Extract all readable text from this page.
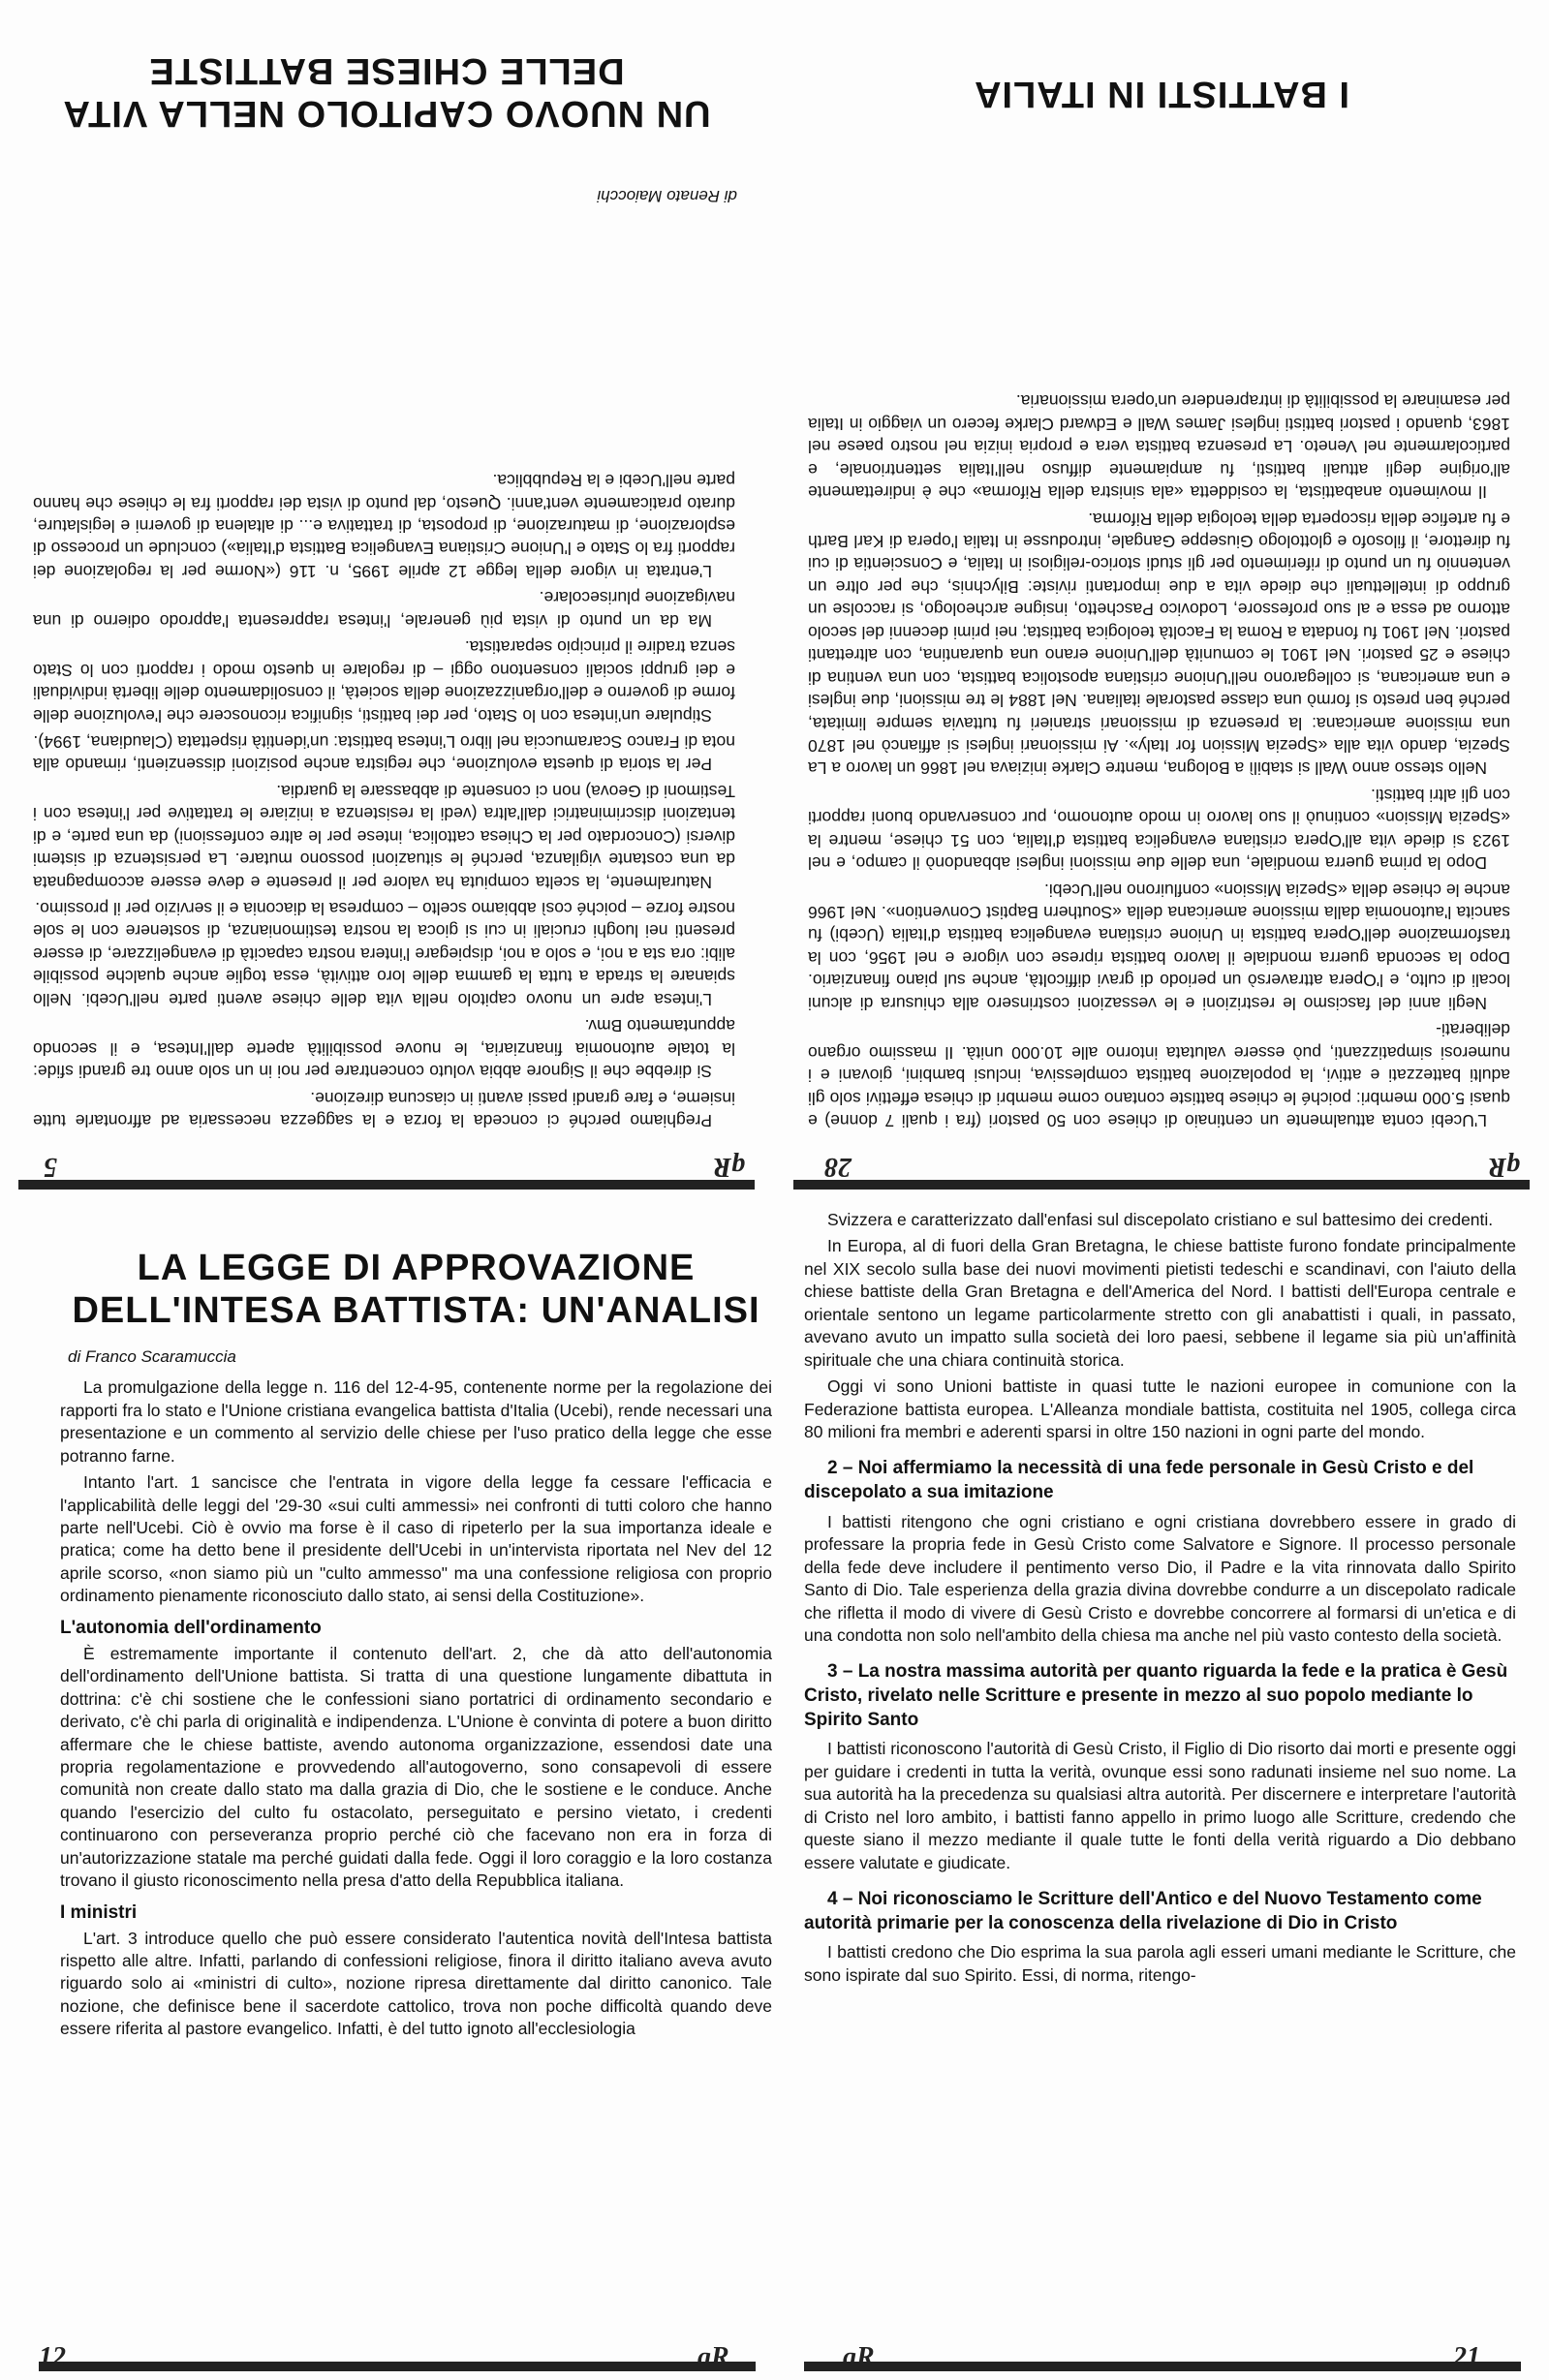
qR
28

L'Ucebi conta attualmente un centinaio di chiese con 50 pastori (fra i quali 7 donne) e quasi 5.000 membri: poiché le chiese battiste contano come membri di chiesa effettivi solo gli adulti battezzati e attivi, la popolazione battista complessiva, inclusi bambini, giovani e i numerosi simpatizzanti, può essere valutata intorno alle 10.000 unità. Il massimo organo deliberati-

Negli anni del fascismo le restrizioni e le vessazioni costrinsero alla chiusura di alcuni locali di culto, e l'Opera attraversò un periodo di gravi difficoltà, anche sul piano finanziario. Dopo la seconda guerra mondiale il lavoro battista riprese con vigore e nel 1956, con la trasformazione dell'Opera battista in Unione cristiana evangelica battista d'Italia (Ucebi) fu sancita l'autonomia dalla missione americana della «Southern Baptist Convention». Nel 1966 anche le chiese della «Spezia Mission» confluirono nell'Ucebi.

Dopo la prima guerra mondiale, una delle due missioni inglesi abbandonò il campo, e nel 1923 si diede vita all'Opera cristiana evangelica battista d'Italia, con 51 chiese, mentre la «Spezia Mission» continuò il suo lavoro in modo autonomo, pur conservando buoni rapporti con gli altri battisti.

Nello stesso anno Wall si stabilì a Bologna, mentre Clarke iniziava nel 1866 un lavoro a La Spezia, dando vita alla «Spezia Mission for Italy». Ai missionari inglesi si affiancò nel 1870 una missione americana: la presenza di missionari stranieri fu tuttavia sempre limitata, perché ben presto si formò una classe pastorale italiana. Nel 1884 le tre missioni, due inglesi e una americana, si collegarono nell'Unione cristiana apostolica battista, con una ventina di chiese e 25 pastori. Nel 1901 le comunità dell'Unione erano una quarantina, con altrettanti pastori. Nel 1901 fu fondata a Roma la Facoltà teologica battista; nei primi decenni del secolo attorno ad essa e al suo professore, Lodovico Paschetto, insigne archeologo, si raccolse un gruppo di intellettuali che diede vita a due importanti riviste: Bilychnis, che per oltre un ventennio fu un punto di riferimento per gli studi storico-religiosi in Italia, e Conscientia di cui fu direttore, il filosofo e glottologo Giuseppe Gangale, introdusse in Italia l'opera di Karl Barth e fu artefice della riscoperta della teologia della Riforma.

Il movimento anabattista, la cosiddetta «ala sinistra della Riforma» che è indirettamente all'origine degli attuali battisti, fu ampiamente diffuso nell'Italia settentrionale, e particolarmente nel Veneto. La presenza battista vera e propria inizia nel nostro paese nel 1863, quando i pastori battisti inglesi James Wall e Edward Clarke fecero un viaggio in Italia per esaminare la possibilità di intraprendere un'opera missionaria.

I BATTISTI IN ITALIA
qR
5

Preghiamo perché ci conceda la forza e la saggezza necessaria ad affrontarle tutte insieme, e fare grandi passi avanti in ciascuna direzione.

Si direbbe che il Signore abbia voluto concentrare per noi in un solo anno tre grandi sfide: la totale autonomia finanziaria, le nuove possibilità aperte dall'Intesa, e il secondo appuntamento Bmv.

L'intesa apre un nuovo capitolo nella vita delle chiese aventi parte nell'Ucebi. Nello spianare la strada a tutta la gamma delle loro attività, essa toglie anche qualche possibile alibi: ora sta a noi, e solo a noi, dispiegare l'intera nostra capacità di evangelizzare, di essere presenti nei luoghi cruciali in cui si gioca la nostra testimonianza, di sostenere con le sole nostre forze – poiché così abbiamo scelto – compresa la diaconia e il servizio per il prossimo.

Naturalmente, la scelta compiuta ha valore per il presente e deve essere accompagnata da una costante vigilanza, perché le situazioni possono mutare. La persistenza di sistemi diversi (Concordato per la Chiesa cattolica, intese per le altre confessioni) da una parte, e di tentazioni discriminatrici dall'altra (vedi la resistenza a iniziare le trattative per l'intesa con i Testimoni di Geova) non ci consente di abbassare la guardia.

Per la storia di questa evoluzione, che registra anche posizioni dissenzienti, rimando alla nota di Franco Scaramuccia nel libro L'intesa battista: un'identità rispettata (Claudiana, 1994).

Stipulare un'intesa con lo Stato, per dei battisti, significa riconoscere che l'evoluzione delle forme di governo e dell'organizzazione della società, il consolidamento delle libertà individuali e dei gruppi sociali consentono oggi – di regolare in questo modo i rapporti con lo Stato senza tradire il principio separatista.

Ma da un punto di vista più generale, l'intesa rappresenta l'approdo odierno di una navigazione plurisecolare.

L'entrata in vigore della legge 12 aprile 1995, n. 116 («Norme per la regolazione dei rapporti fra lo Stato e l'Unione Cristiana Evangelica Battista d'Italia») conclude un processo di esplorazione, di maturazione, di proposta, di trattativa e... di altalena di governi e legislature, durato praticamente vent'anni. Questo, dal punto di vista dei rapporti fra le chiese che hanno parte nell'Ucebi e la Repubblica.

di Renato Maiocchi
UN NUOVO CAPITOLO NELLA VITA DELLE CHIESE BATTISTE
LA LEGGE DI APPROVAZIONE DELL'INTESA BATTISTA: UN'ANALISI
di Franco Scaramuccia

La promulgazione della legge n. 116 del 12-4-95, contenente norme per la regolazione dei rapporti fra lo stato e l'Unione cristiana evangelica battista d'Italia (Ucebi), rende necessari una presentazione e un commento al servizio delle chiese per l'uso pratico della legge che esse potranno farne.

Intanto l'art. 1 sancisce che l'entrata in vigore della legge fa cessare l'efficacia e l'applicabilità delle leggi del '29-30 «sui culti ammessi» nei confronti di tutti coloro che hanno parte nell'Ucebi. Ciò è ovvio ma forse è il caso di ripeterlo per la sua importanza ideale e pratica; come ha detto bene il presidente dell'Ucebi in un'intervista riportata nel Nev del 12 aprile scorso, «non siamo più un "culto ammesso" ma una confessione religiosa con proprio ordinamento pienamente riconosciuto dallo stato, ai sensi della Costituzione».

L'autonomia dell'ordinamento

È estremamente importante il contenuto dell'art. 2, che dà atto dell'autonomia dell'ordinamento dell'Unione battista. Si tratta di una questione lungamente dibattuta in dottrina: c'è chi sostiene che le confessioni siano portatrici di ordinamento secondario e derivato, c'è chi parla di originalità e indipendenza. L'Unione è convinta di potere a buon diritto affermare che le chiese battiste, avendo autonoma organizzazione, essendosi date una propria regolamentazione e provvedendo all'autogoverno, sono consapevoli di essere comunità non create dallo stato ma dalla grazia di Dio, che le sostiene e le conduce. Anche quando l'esercizio del culto fu ostacolato, perseguitato e persino vietato, i credenti continuarono con perseveranza proprio perché ciò che facevano non era in forza di un'autorizzazione statale ma perché guidati dalla fede. Oggi il loro coraggio e la loro costanza trovano il giusto riconoscimento nella presa d'atto della Repubblica italiana.

I ministri

L'art. 3 introduce quello che può essere considerato l'autentica novità dell'Intesa battista rispetto alle altre. Infatti, parlando di confessioni religiose, finora il diritto italiano aveva avuto riguardo solo ai «ministri di culto», nozione ripresa direttamente dal diritto canonico. Tale nozione, che definisce bene il sacerdote cattolico, trova non poche difficoltà quando deve essere riferita al pastore evangelico. Infatti, è del tutto ignoto all'ecclesiologia

12	qR

Svizzera e caratterizzato dall'enfasi sul discepolato cristiano e sul battesimo dei credenti.

In Europa, al di fuori della Gran Bretagna, le chiese battiste furono fondate principalmente nel XIX secolo sulla base dei nuovi movimenti pietisti tedeschi e scandinavi, con l'aiuto della chiese battiste della Gran Bretagna e dell'America del Nord. I battisti dell'Europa centrale e orientale sentono un legame particolarmente stretto con gli anabattisti i quali, in passato, avevano avuto un impatto sulla società dei loro paesi, sebbene il legame sia più un'affinità spirituale che una chiara continuità storica.

Oggi vi sono Unioni battiste in quasi tutte le nazioni europee in comunione con la Federazione battista europea. L'Alleanza mondiale battista, costituita nel 1905, collega circa 80 milioni fra membri e aderenti sparsi in oltre 150 nazioni in ogni parte del mondo.

2 – Noi affermiamo la necessità di una fede personale in Gesù Cristo e del discepolato a sua imitazione

I battisti ritengono che ogni cristiano e ogni cristiana dovrebbero essere in grado di professare la propria fede in Gesù Cristo come Salvatore e Signore. Il processo personale della fede deve includere il pentimento verso Dio, il Padre e la vita rinnovata dallo Spirito Santo di Dio. Tale esperienza della grazia divina dovrebbe condurre a un discepolato radicale che rifletta il modo di vivere di Gesù Cristo e dovrebbe concorrere al formarsi di un'etica e di una condotta non solo nell'ambito della chiesa ma anche nel più vasto contesto della società.

3 – La nostra massima autorità per quanto riguarda la fede e la pratica è Gesù Cristo, rivelato nelle Scritture e presente in mezzo al suo popolo mediante lo Spirito Santo

I battisti riconoscono l'autorità di Gesù Cristo, il Figlio di Dio risorto dai morti e presente oggi per guidare i credenti in tutta la verità, ovunque essi sono radunati insieme nel suo nome. La sua autorità ha la precedenza su qualsiasi altra autorità. Per discernere e interpretare l'autorità di Cristo nel loro ambito, i battisti fanno appello in primo luogo alle Scritture, credendo che queste siano il mezzo mediante il quale tutte le fonti della verità riguardo a Dio debbano essere valutate e giudicate.

4 – Noi riconosciamo le Scritture dell'Antico e del Nuovo Testamento come autorità primarie per la conoscenza della rivelazione di Dio in Cristo

I battisti credono che Dio esprima la sua parola agli esseri umani mediante le Scritture, che sono ispirate dal suo Spirito. Essi, di norma, ritengo-

qR	21
